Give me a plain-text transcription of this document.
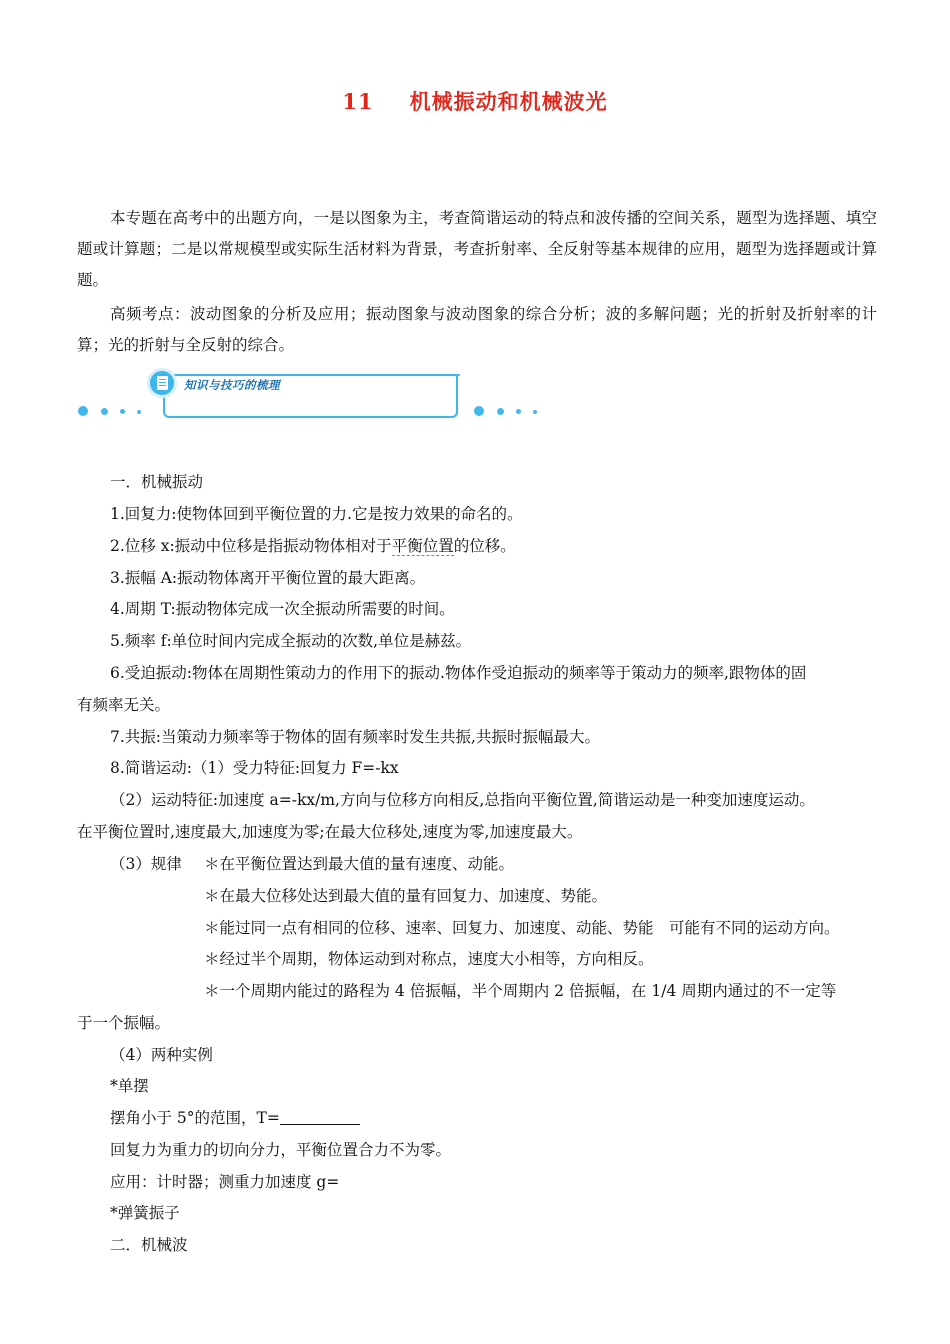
11 机械振动和机械波光

本专题在高考中的出题方向，一是以图象为主，考查简谐运动的特点和波传播的空间关系，题型为选择题、填空题或计算题；二是以常规模型或实际生活材料为背景，考查折射率、全反射等基本规律的应用，题型为选择题或计算题。

高频考点：波动图象的分析及应用；振动图象与波动图象的综合分析；波的多解问题；光的折射及折射率的计算；光的折射与全反射的综合。

知识与技巧的梳理
一．机械振动
1.回复力:使物体回到平衡位置的力.它是按力效果的命名的。
2.位移 x:振动中位移是指振动物体相对于平衡位置的位移。
3.振幅 A:振动物体离开平衡位置的最大距离。
4.周期 T:振动物体完成一次全振动所需要的时间。
5.频率 f:单位时间内完成全振动的次数,单位是赫兹。
6.受迫振动:物体在周期性策动力的作用下的振动.物体作受迫振动的频率等于策动力的频率,跟物体的固
有频率无关。
7.共振:当策动力频率等于物体的固有频率时发生共振,共振时振幅最大。
8.简谐运动:（1）受力特征:回复力 F=-kx
（2）运动特征:加速度 a=-kx/m,方向与位移方向相反,总指向平衡位置,简谐运动是一种变加速度运动。
在平衡位置时,速度最大,加速度为零;在最大位移处,速度为零,加速度最大。
（3）规律 ＊在平衡位置达到最大值的量有速度、动能。
＊在最大位移处达到最大值的量有回复力、加速度、势能。
＊能过同一点有相同的位移、速率、回复力、加速度、动能、势能　可能有不同的运动方向。
＊经过半个周期，物体运动到对称点，速度大小相等，方向相反。
＊一个周期内能过的路程为 4 倍振幅，半个周期内 2 倍振幅，在 1/4 周期内通过的不一定等
于一个振幅。
（4）两种实例
*单摆
摆角小于 5°的范围，T=
回复力为重力的切向分力，平衡位置合力不为零。
应用：计时器；测重力加速度 g=
*弹簧振子
二．机械波
